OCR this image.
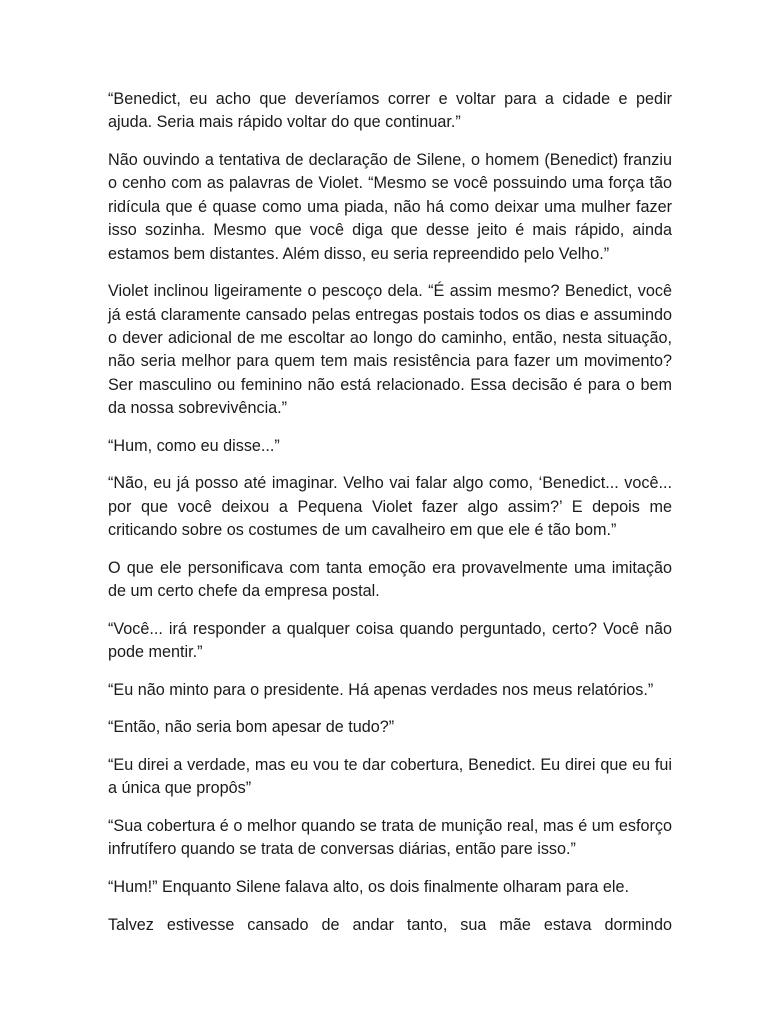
“Benedict, eu acho que deveríamos correr e voltar para a cidade e pedir ajuda. Seria mais rápido voltar do que continuar.”

Não ouvindo a tentativa de declaração de Silene, o homem (Benedict) franziu o cenho com as palavras de Violet. “Mesmo se você possuindo uma força tão ridícula que é quase como uma piada, não há como deixar uma mulher fazer isso sozinha. Mesmo que você diga que desse jeito é mais rápido, ainda estamos bem distantes. Além disso, eu seria repreendido pelo Velho.”

Violet inclinou ligeiramente o pescoço dela. “É assim mesmo? Benedict, você já está claramente cansado pelas entregas postais todos os dias e assumindo o dever adicional de me escoltar ao longo do caminho, então, nesta situação, não seria melhor para quem tem mais resistência para fazer um movimento? Ser masculino ou feminino não está relacionado. Essa decisão é para o bem da nossa sobrevivência.”

“Hum, como eu disse...”

“Não, eu já posso até imaginar. Velho vai falar algo como, ‘Benedict... você... por que você deixou a Pequena Violet fazer algo assim?’ E depois me criticando sobre os costumes de um cavalheiro em que ele é tão bom.”

O que ele personificava com tanta emoção era provavelmente uma imitação de um certo chefe da empresa postal.

“Você... irá responder a qualquer coisa quando perguntado, certo? Você não pode mentir.”

“Eu não minto para o presidente. Há apenas verdades nos meus relatórios.”

“Então, não seria bom apesar de tudo?”

“Eu direi a verdade, mas eu vou te dar cobertura, Benedict. Eu direi que eu fui a única que propôs”

“Sua cobertura é o melhor quando se trata de munição real, mas é um esforço infrutífero quando se trata de conversas diárias, então pare isso.”

“Hum!” Enquanto Silene falava alto, os dois finalmente olharam para ele.

Talvez estivesse cansado de andar tanto, sua mãe estava dormindo
